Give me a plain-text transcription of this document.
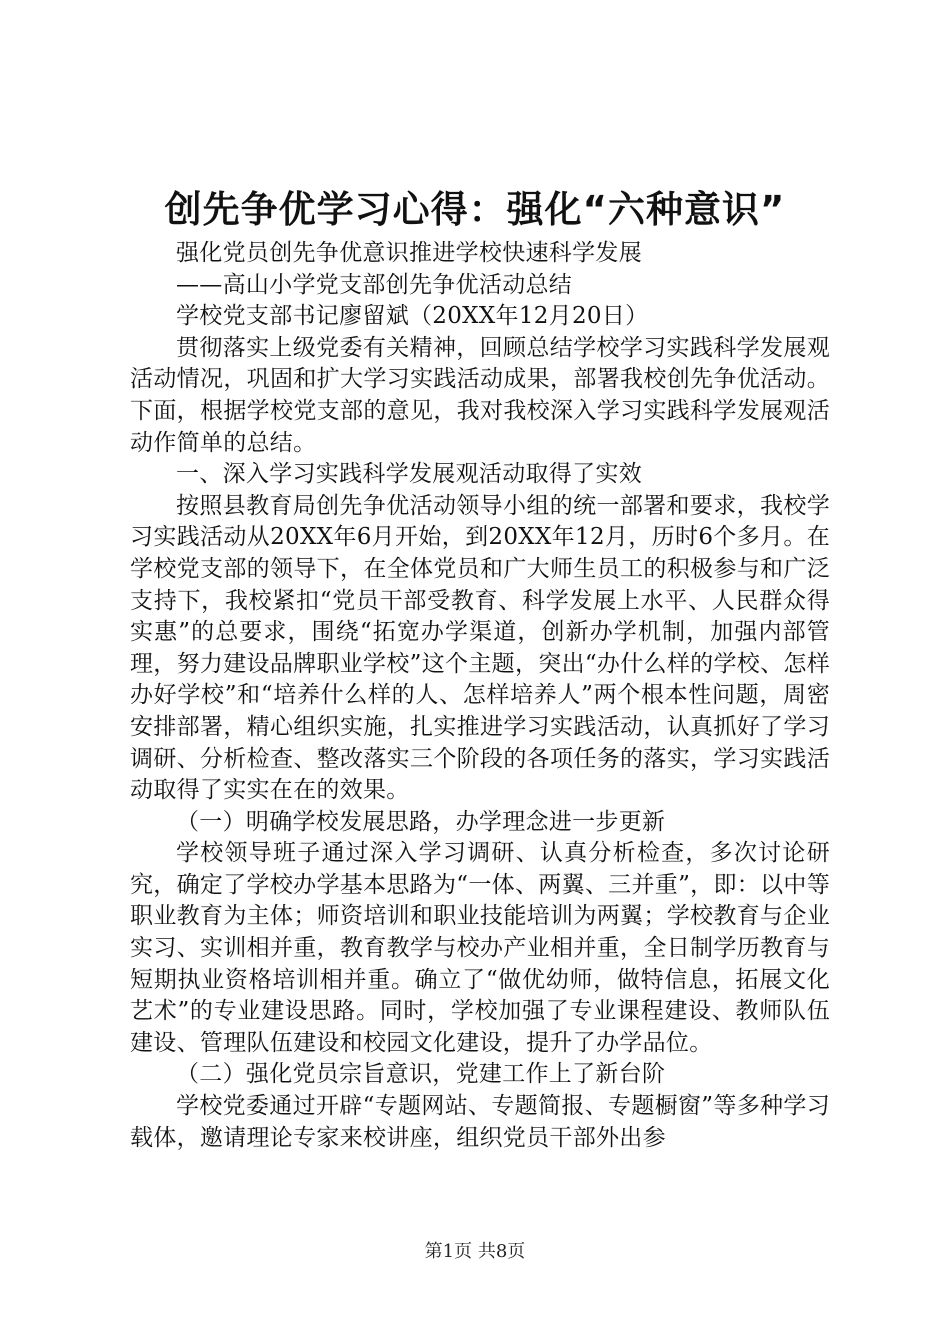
创先争优学习心得：强化“六种意识”

强化党员创先争优意识推进学校快速科学发展

——高山小学党支部创先争优活动总结

学校党支部书记廖留斌（20XX年12月20日）

贯彻落实上级党委有关精神，回顾总结学校学习实践科学发展观活动情况，巩固和扩大学习实践活动成果，部署我校创先争优活动。下面，根据学校党支部的意见，我对我校深入学习实践科学发展观活动作简单的总结。

一、深入学习实践科学发展观活动取得了实效

按照县教育局创先争优活动领导小组的统一部署和要求，我校学习实践活动从20XX年6月开始，到20XX年12月，历时6个多月。在学校党支部的领导下，在全体党员和广大师生员工的积极参与和广泛支持下，我校紧扣“党员干部受教育、科学发展上水平、人民群众得实惠”的总要求，围绕“拓宽办学渠道，创新办学机制，加强内部管理，努力建设品牌职业学校”这个主题，突出“办什么样的学校、怎样办好学校”和“培养什么样的人、怎样培养人”两个根本性问题，周密安排部署，精心组织实施，扎实推进学习实践活动，认真抓好了学习调研、分析检查、整改落实三个阶段的各项任务的落实，学习实践活动取得了实实在在的效果。

（一）明确学校发展思路，办学理念进一步更新

学校领导班子通过深入学习调研、认真分析检查，多次讨论研究，确定了学校办学基本思路为“一体、两翼、三并重”，即：以中等职业教育为主体；师资培训和职业技能培训为两翼；学校教育与企业实习、实训相并重，教育教学与校办产业相并重，全日制学历教育与短期执业资格培训相并重。确立了“做优幼师，做特信息，拓展文化艺术”的专业建设思路。同时，学校加强了专业课程建设、教师队伍建设、管理队伍建设和校园文化建设，提升了办学品位。

（二）强化党员宗旨意识，党建工作上了新台阶

学校党委通过开辟“专题网站、专题简报、专题橱窗”等多种学习载体，邀请理论专家来校讲座，组织党员干部外出参

第1页 共8页
